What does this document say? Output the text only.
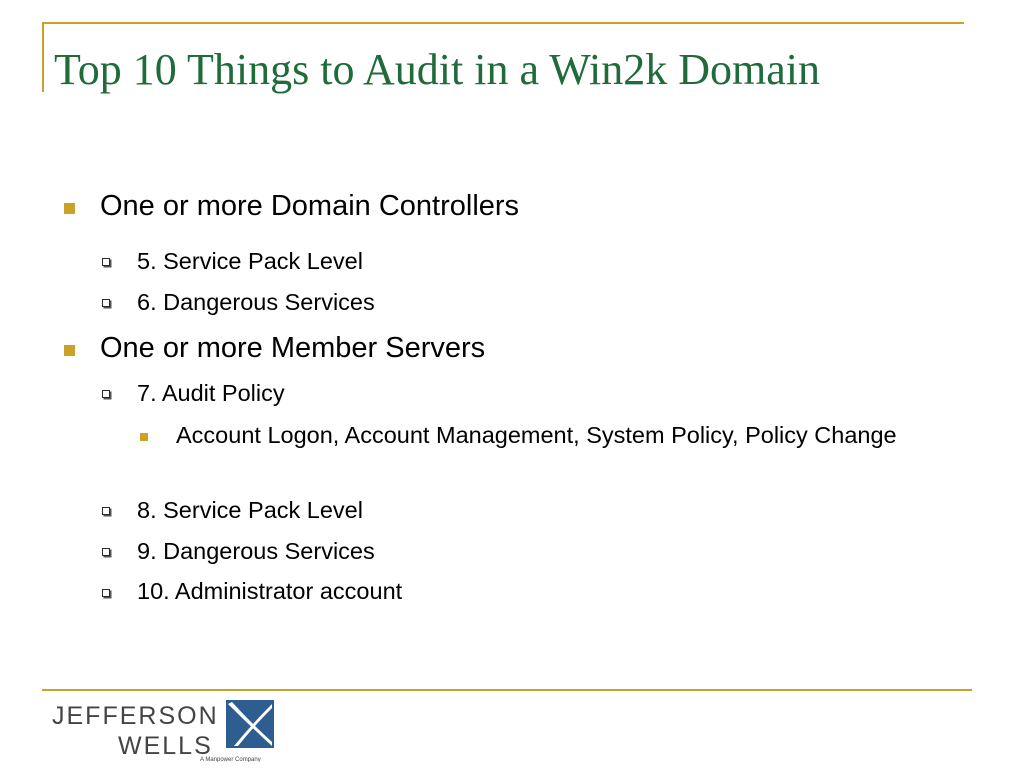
Top 10 Things to Audit in a Win2k Domain
One or more Domain Controllers
5. Service Pack Level
6. Dangerous Services
One or more Member Servers
7. Audit Policy
Account Logon, Account Management, System Policy, Policy Change
8. Service Pack Level
9. Dangerous Services
10. Administrator account
JEFFERSON
WELLS
A Manpower Company
